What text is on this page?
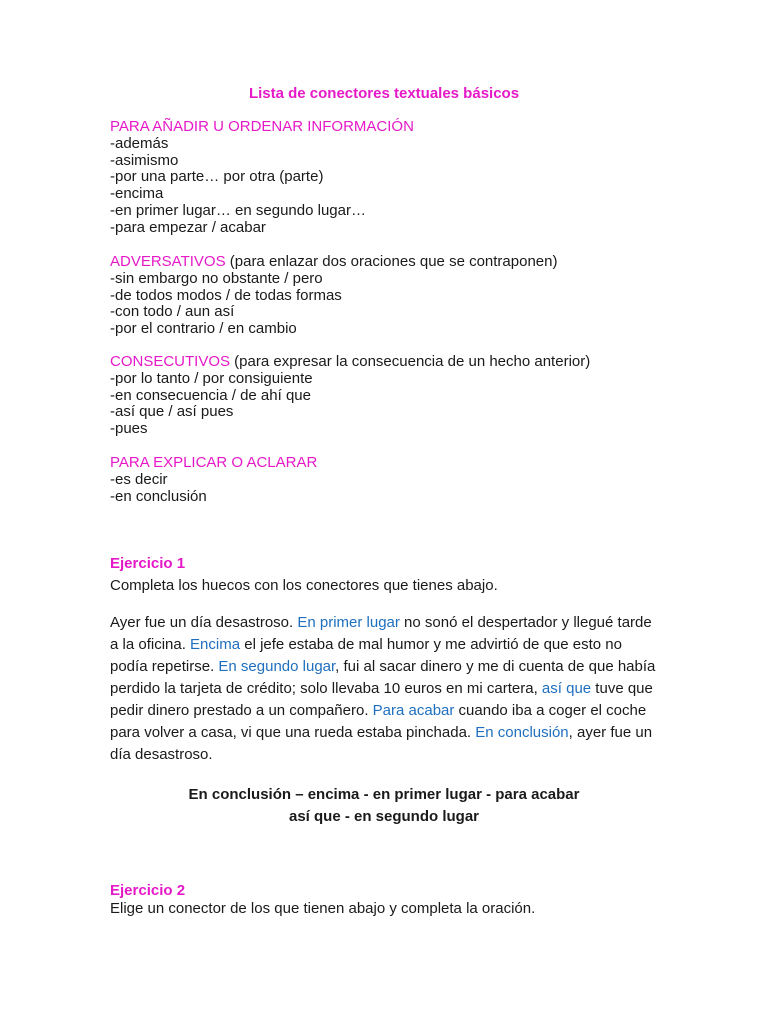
Lista de conectores textuales básicos
PARA AÑADIR U ORDENAR INFORMACIÓN
-además
-asimismo
-por una parte… por otra (parte)
-encima
-en primer lugar… en segundo lugar…
-para empezar / acabar
ADVERSATIVOS (para enlazar dos oraciones que se contraponen)
-sin embargo no obstante / pero
-de todos modos / de todas formas
-con todo / aun así
-por el contrario / en cambio
CONSECUTIVOS (para expresar la consecuencia de un hecho anterior)
-por lo tanto / por consiguiente
-en consecuencia / de ahí que
-así que / así pues
-pues
PARA EXPLICAR O ACLARAR
-es decir
-en conclusión
Ejercicio 1
Completa los huecos con los conectores que tienes abajo.
Ayer fue un día desastroso. En primer lugar no sonó el despertador y llegué tarde a la oficina. Encima el jefe estaba de mal humor y me advirtió de que esto no podía repetirse. En segundo lugar, fui al sacar dinero y me di cuenta de que había perdido la tarjeta de crédito; solo llevaba 10 euros en mi cartera, así que tuve que pedir dinero prestado a un compañero. Para acabar cuando iba a coger el coche para volver a casa, vi que una rueda estaba pinchada. En conclusión, ayer fue un día desastroso.
En conclusión – encima - en primer lugar - para acabar
así que - en segundo lugar
Ejercicio 2
Elige un conector de los que tienen abajo y completa la oración.
